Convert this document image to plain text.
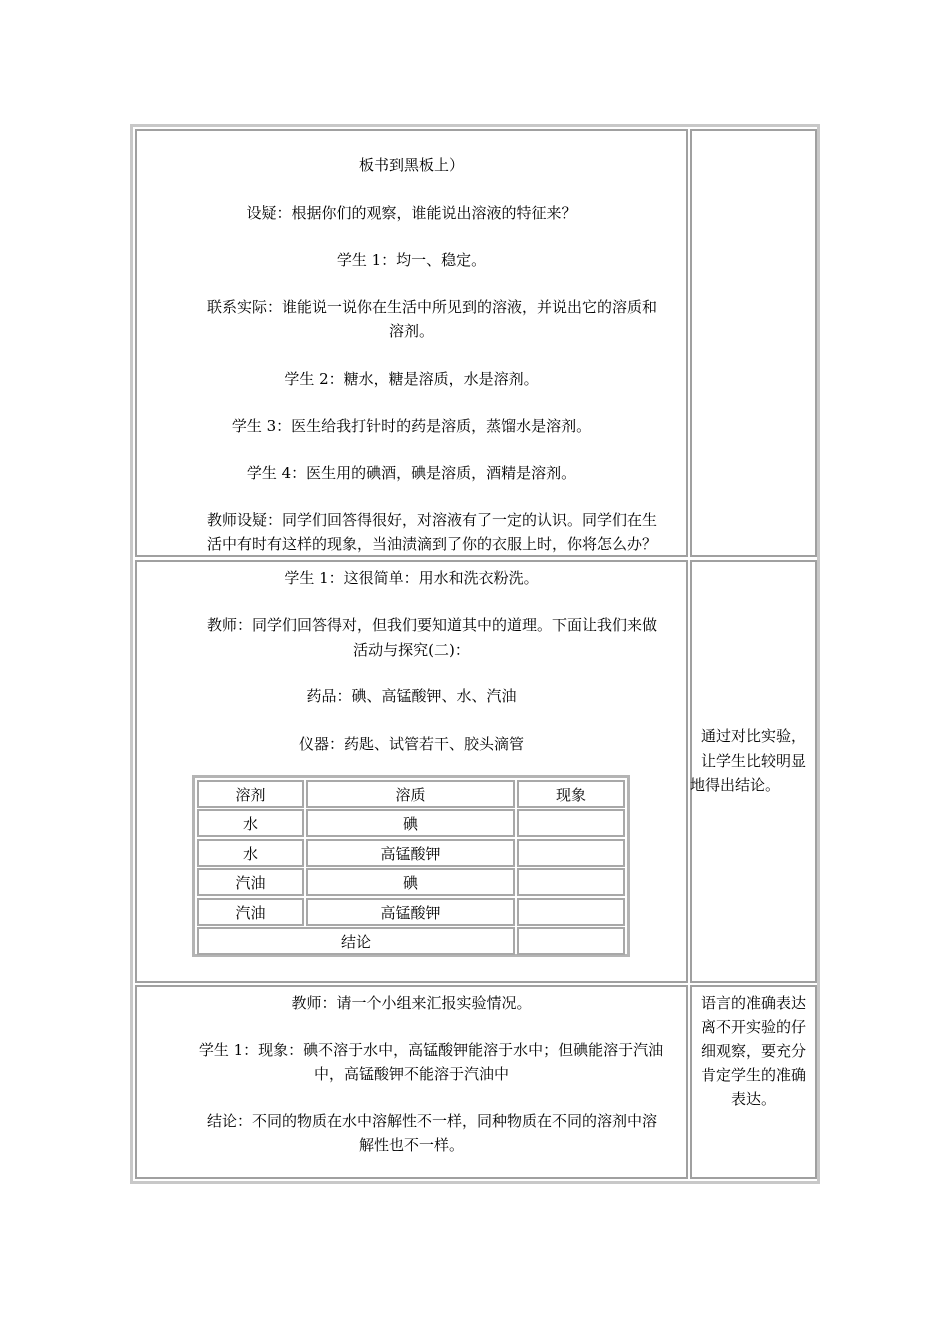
板书到黑板上）

设疑：根据你们的观察，谁能说出溶液的特征来？

学生 1：均一、稳定。

联系实际：谁能说一说你在生活中所见到的溶液，并说出它的溶质和

溶剂。

学生 2：糖水，糖是溶质，水是溶剂。

学生 3：医生给我打针时的药是溶质，蒸馏水是溶剂。

学生 4：医生用的碘酒，碘是溶质，酒精是溶剂。

教师设疑：同学们回答得很好，对溶液有了一定的认识。同学们在生

活中有时有这样的现象，当油渍滴到了你的衣服上时，你将怎么办？

学生 1：这很简单：用水和洗衣粉洗。

教师：同学们回答得对，但我们要知道其中的道理。下面让我们来做

活动与探究(二)：

药品：碘、高锰酸钾、水、汽油

仪器：药匙、试管若干、胶头滴管	通过对比实验，

让学生比较明显

地得出结论。

溶剂	溶质	现象
水	碘
水	高锰酸钾
汽油	碘
汽油	高锰酸钾
结论

教师：请一个小组来汇报实验情况。

学生 1：现象：碘不溶于水中，高锰酸钾能溶于水中；但碘能溶于汽油

中，高锰酸钾不能溶于汽油中

结论：不同的物质在水中溶解性不一样，同种物质在不同的溶剂中溶

解性也不一样。

语言的准确表达

离不开实验的仔

细观察，要充分

肯定学生的准确

表达。
